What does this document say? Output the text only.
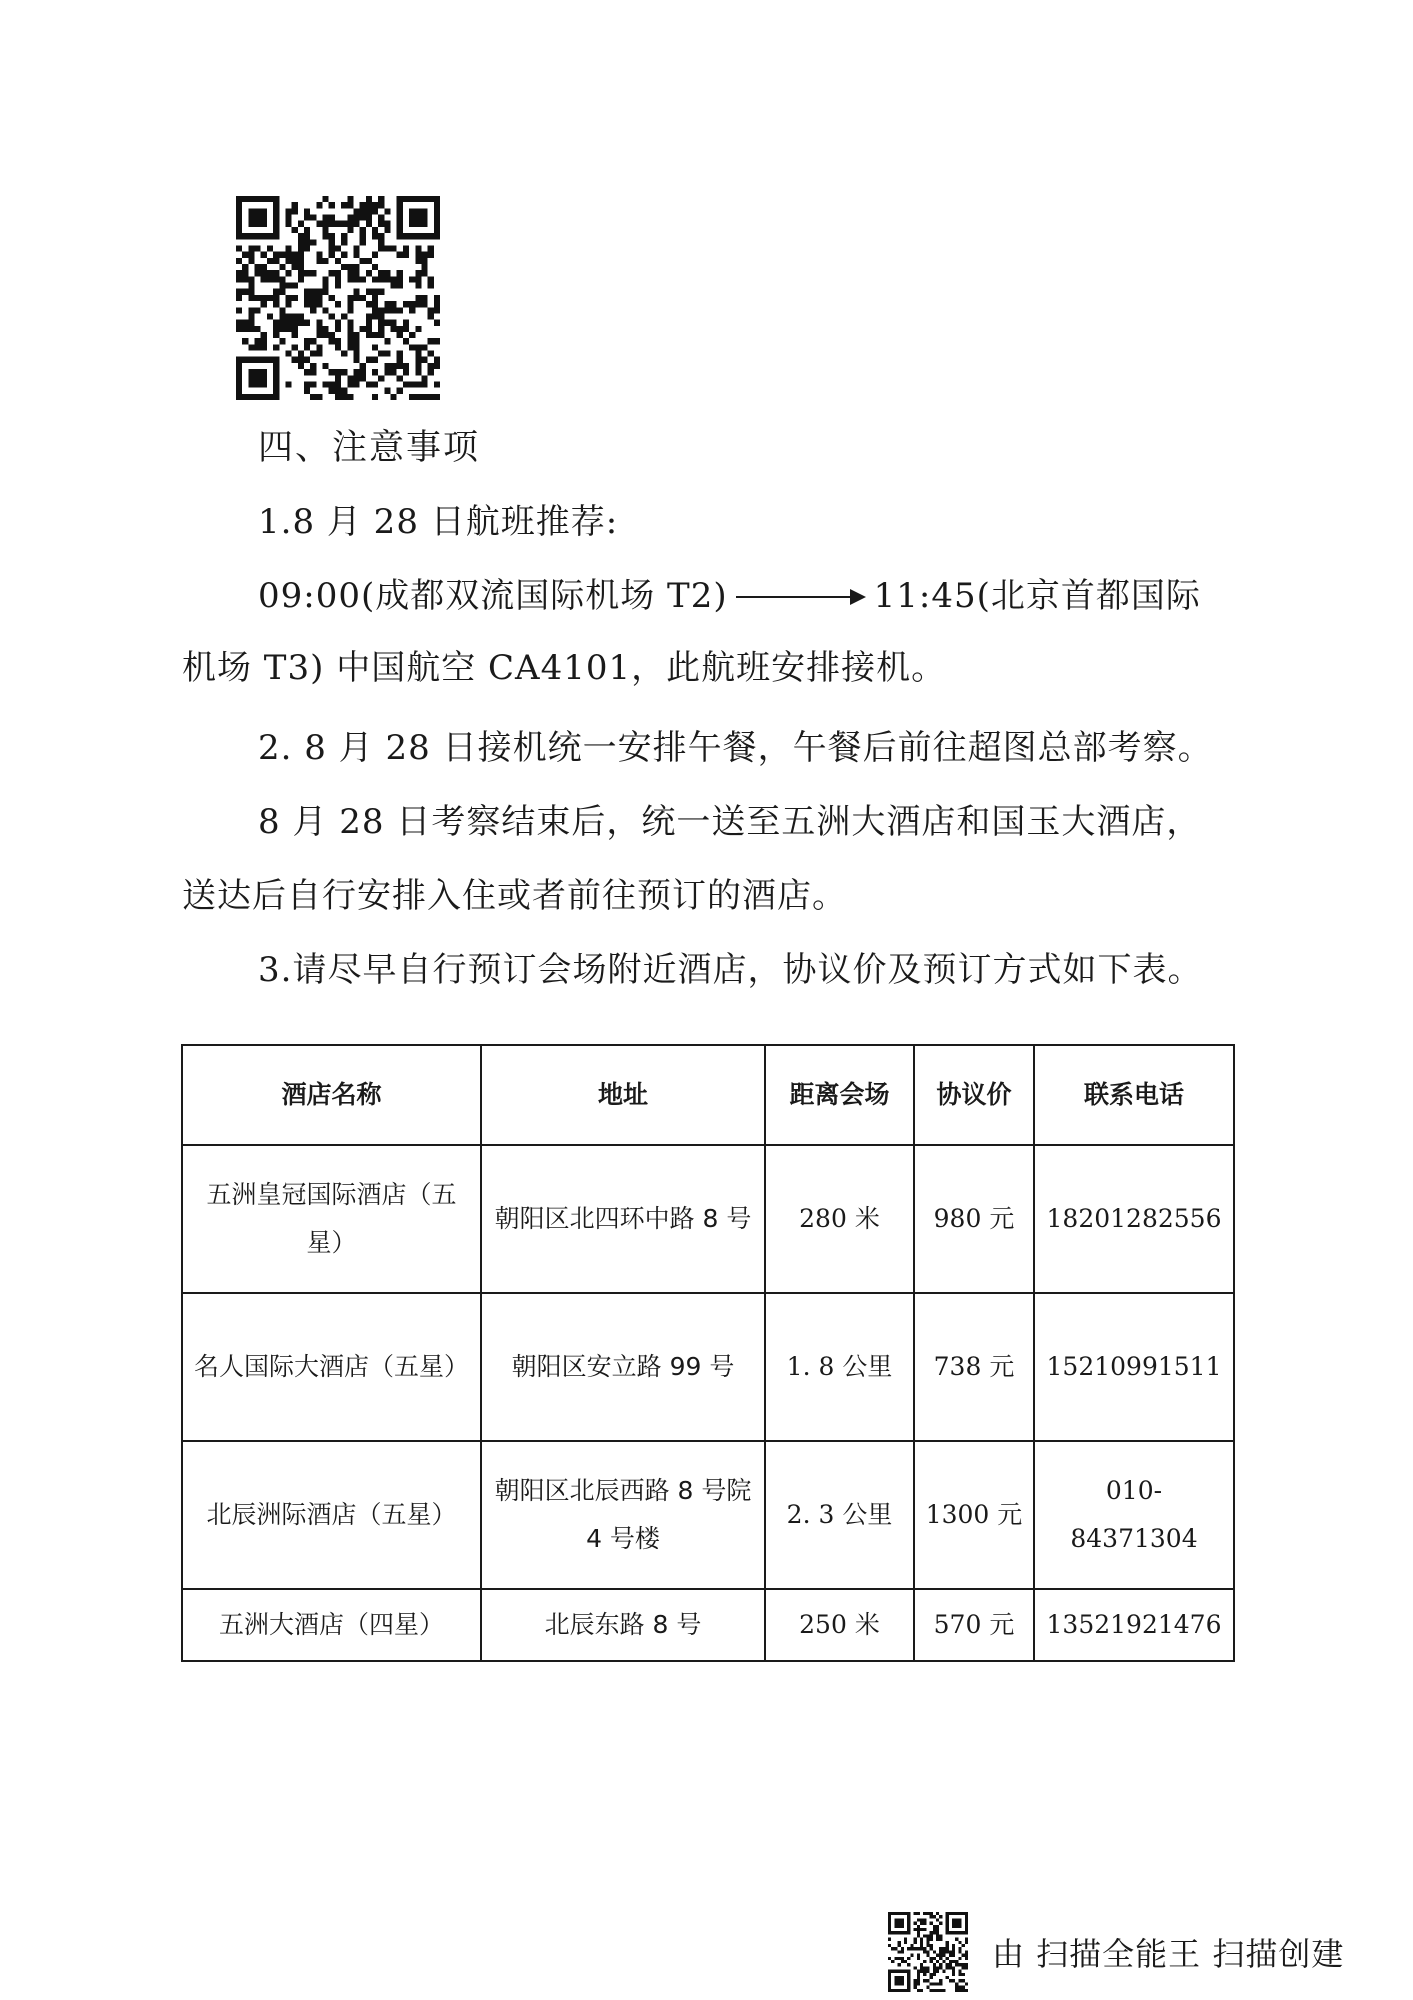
四、注意事项
1.8 月 28 日航班推荐:
09:00(成都双流国际机场 T2)	11:45(北京首都国际
机场 T3) 中国航空 CA4101，此航班安排接机。
2. 8 月 28 日接机统一安排午餐，午餐后前往超图总部考察。
8 月 28 日考察结束后，统一送至五洲大酒店和国玉大酒店，
送达后自行安排入住或者前往预订的酒店。
3.请尽早自行预订会场附近酒店，协议价及预订方式如下表。
酒店名称	地址	距离会场	协议价	联系电话
五洲皇冠国际酒店（五星）	朝阳区北四环中路 8 号	280 米	980 元	18201282556
名人国际大酒店（五星）	朝阳区安立路 99 号	1. 8 公里	738 元	15210991511
北辰洲际酒店（五星）	朝阳区北辰西路 8 号院 4 号楼	2. 3 公里	1300 元	010-84371304
五洲大酒店（四星）	北辰东路 8 号	250 米	570 元	13521921476
由 扫描全能王 扫描创建
